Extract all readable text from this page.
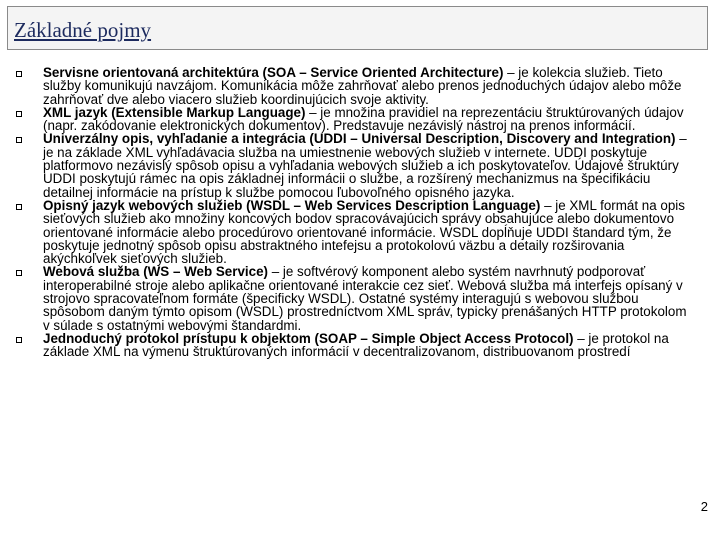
Základné pojmy
Servisne orientovaná architektúra (SOA – Service Oriented Architecture) – je kolekcia služieb. Tieto služby komunikujú navzájom. Komunikácia môže zahrňovať alebo prenos jednoduchých údajov alebo môže zahrňovať dve alebo viacero služieb koordinujúcich svoje aktivity.
XML jazyk (Extensible Markup Language) – je množina pravidiel na reprezentáciu štruktúrovaných údajov (napr. zakódovanie elektronických dokumentov). Predstavuje nezávislý nástroj na prenos informácií.
Univerzálny opis, vyhľadanie a integrácia (UDDI – Universal Description, Discovery and Integration) – je na základe XML vyhľadávacia služba na umiestnenie webových služieb v internete. UDDI poskytuje platformovo nezávislý spôsob opisu a vyhľadania webových služieb a ich poskytovateľov. Údajové štruktúry UDDI poskytujú rámec na opis základnej informácii o službe, a rozšírený mechanizmus na špecifikáciu detailnej informácie na prístup k službe pomocou ľubovoľného opisného jazyka.
Opisný jazyk webových služieb (WSDL – Web Services Description Language) – je XML formát na opis sieťových služieb ako množiny koncových bodov spracovávajúcich správy obsahujúce alebo dokumentovo orientované informácie alebo procedúrovo orientované informácie. WSDL dopĺňuje UDDI štandard tým, že poskytuje jednotný spôsob opisu abstraktného intefejsu a protokolovú väzbu a detaily rozširovania akýchkoľvek sieťových služieb.
Webová služba (WS – Web Service) – je softvérový komponent alebo systém navrhnutý podporovať interoperabilné stroje alebo aplikačne orientované interakcie cez sieť. Webová služba má interfejs opísaný v strojovo spracovateľnom formáte (špecificky WSDL). Ostatné systémy interagujú s webovou službou spôsobom daným týmto opisom (WSDL) prostredníctvom XML správ, typicky prenášaných HTTP protokolom v súlade s ostatnými webovými štandardmi.
Jednoduchý protokol prístupu k objektom (SOAP – Simple Object Access Protocol) – je protokol na základe XML na výmenu štruktúrovaných informácií v decentralizovanom, distribuovanom prostredí
2
